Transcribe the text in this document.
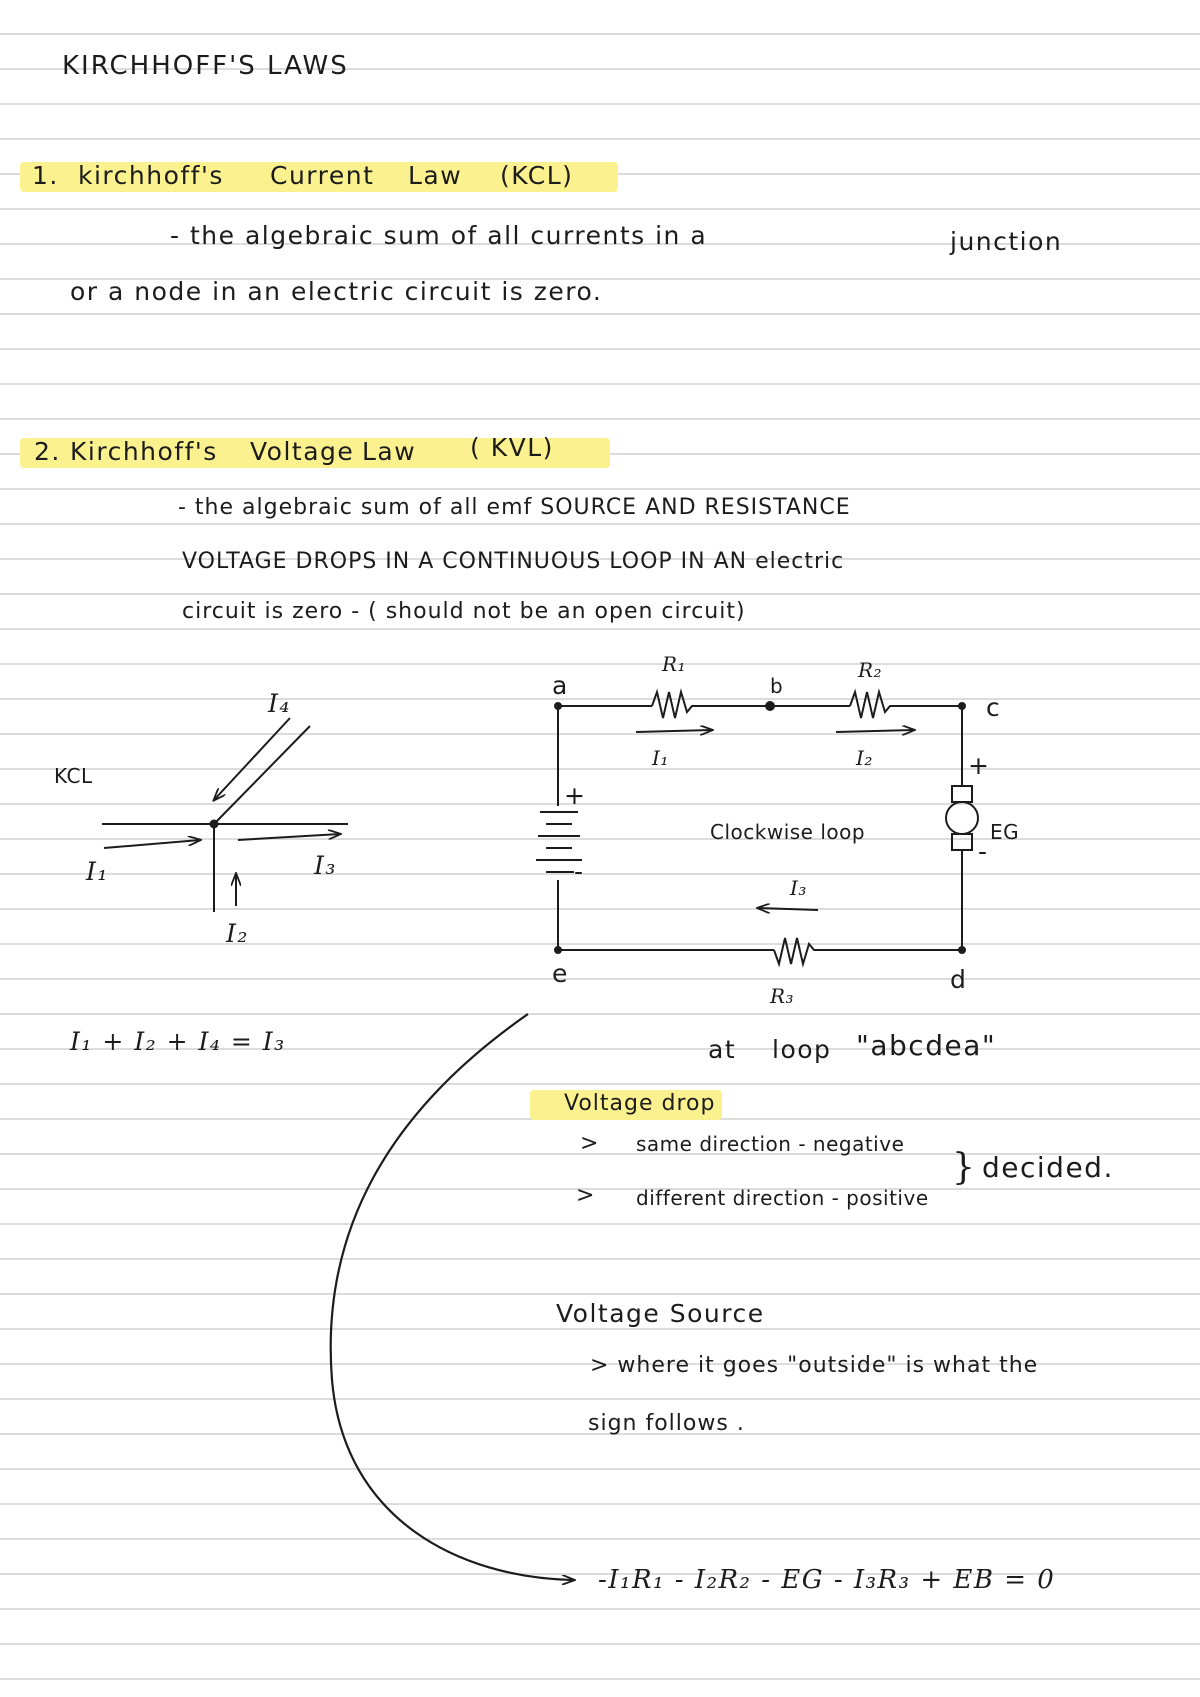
KIRCHHOFF'S LAWS
1. kirchhoff's Current Law (KCL)
- the algebraic sum of all currents in a	junction
or a node in an electric circuit is zero.
2. Kirchhoff's Voltage Law ( KVL)
- the algebraic sum of all emf SOURCE AND RESISTANCE
VOLTAGE DROPS IN A CONTINUOUS LOOP IN AN electric
circuit is zero - ( should not be an open circuit)
KCL
I₁
I₂
I₃
I₄
I₁ + I₂ + I₄ = I₃
a	b
c
d
e
R₁	R₂
R₃
I₁	I₂
I₃
+
-
+
-
EG
Clockwise loop
at loop "abcdea"
Voltage drop
> same direction - negative
> different direction - positive
} decided.
Voltage Source
> where it goes "outside" is what the
sign follows .
-I₁R₁ - I₂R₂ - EG - I₃R₃ + EB = 0
